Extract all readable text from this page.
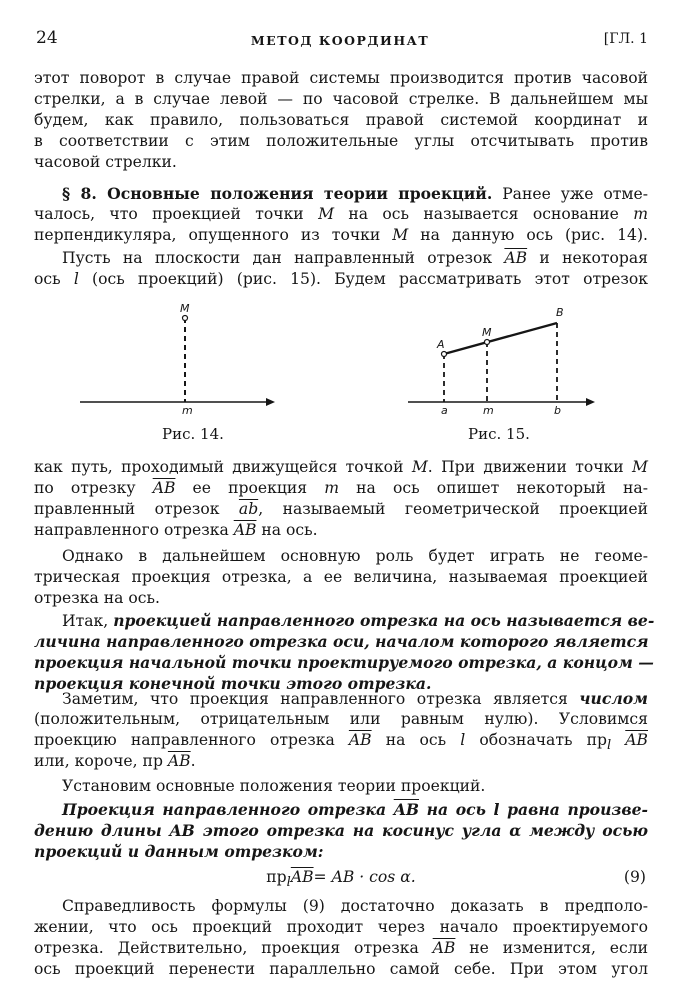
24	МЕТОД КООРДИНАТ	[ГЛ. 1
этот поворот в случае правой системы производится против часовой
стрелки, а в случае левой — по часовой стрелке. В дальнейшем мы
будем, как правило, пользоваться правой системой координат и
в соответствии с этим положительные углы отсчитывать против
часовой стрелки.
§ 8. Основные положения теории проекций. Ранее уже отме-
чалось, что проекцией точки M на ось называется основание m
перпендикуляра, опущенного из точки M на данную ось (рис. 14).
Пусть на плоскости дан направленный отрезок $\overline{AB}$ и некоторая
ось l (ось проекций) (рис. 15). Будем рассматривать этот отрезок
M
m
Рис. 14.
A
M
B
a	m	b
Рис. 15.
как путь, проходимый движущейся точкой M. При движении точки M
по отрезку $\overline{AB}$ ее проекция m на ось опишет некоторый на-
правленный отрезок $\overline{ab}$, называемый геометрической проекцией
направленного отрезка $\overline{AB}$ на ось.
Однако в дальнейшем основную роль будет играть не геоме-
трическая проекция отрезка, а ее величина, называемая проекцией
отрезка на ось.
Итак, проекцией направленного отрезка на ось называется ве-
личина направленного отрезка оси, началом которого является
проекция начальной точки проектируемого отрезка, а концом —
проекция конечной точки этого отрезка.
Заметим, что проекция направленного отрезка является числом
(положительным, отрицательным или равным нулю). Условимся
проекцию направленного отрезка $\overline{AB}$ на ось l обозначать $пр_l$ $\overline{AB}$
или, короче, пр $\overline{AB}$.
Установим основные положения теории проекций.
Проекция направленного отрезка $\overline{AB}$ на ось l равна произве-
дению длины AB этого отрезка на косинус угла α между осью
проекций и данным отрезком:
$пр_l\overline{AB}=$ AB · cos α.	(9)
Справедливость формулы (9) достаточно доказать в предполо-
жении, что ось проекций проходит через начало проектируемого
отрезка. Действительно, проекция отрезка $\overline{AB}$ не изменится, если
ось проекций перенести параллельно самой себе. При этом угол
